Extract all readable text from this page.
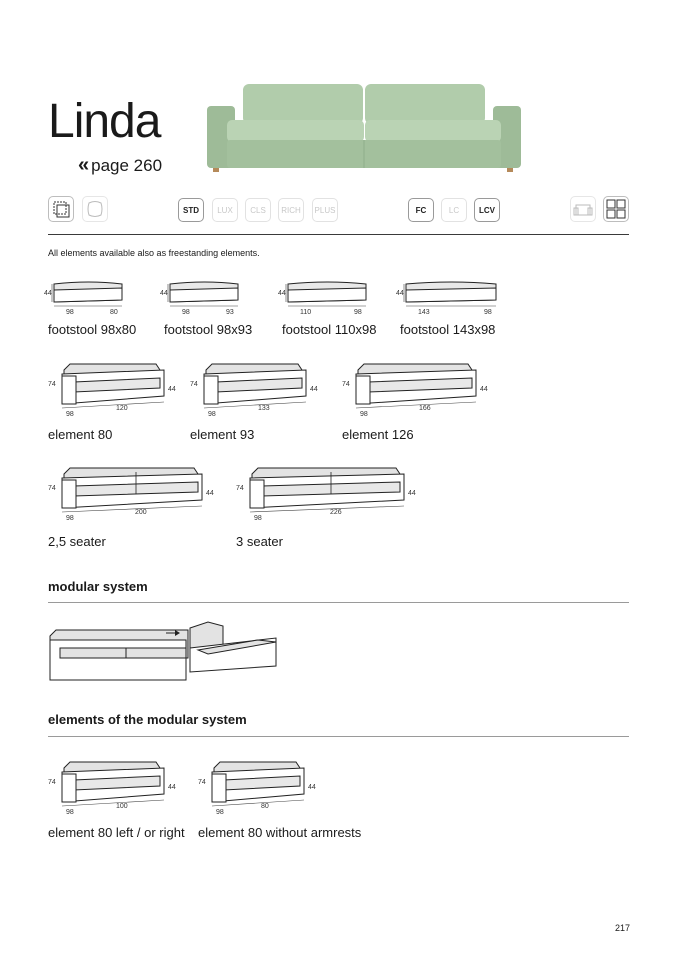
Linda
« page 260
STD	LUX	CLS	RICH	PLUS	FC	LC	LCV
All elements available also as freestanding elements.
44
98	80
footstool 98x80
44
98	93
footstool 98x93
44
110	98
footstool 110x98
44
143	98
footstool 143x98
74
44
98
120
element 80
74
44
98
133
element 93
74
44
98
166
element 126
74
44
98
200
2,5 seater
74
44
98
226
3 seater
modular system
elements of the modular system
74
44
98
100
element 80 left / or right
74
44
98
80
element 80 without armrests
217
